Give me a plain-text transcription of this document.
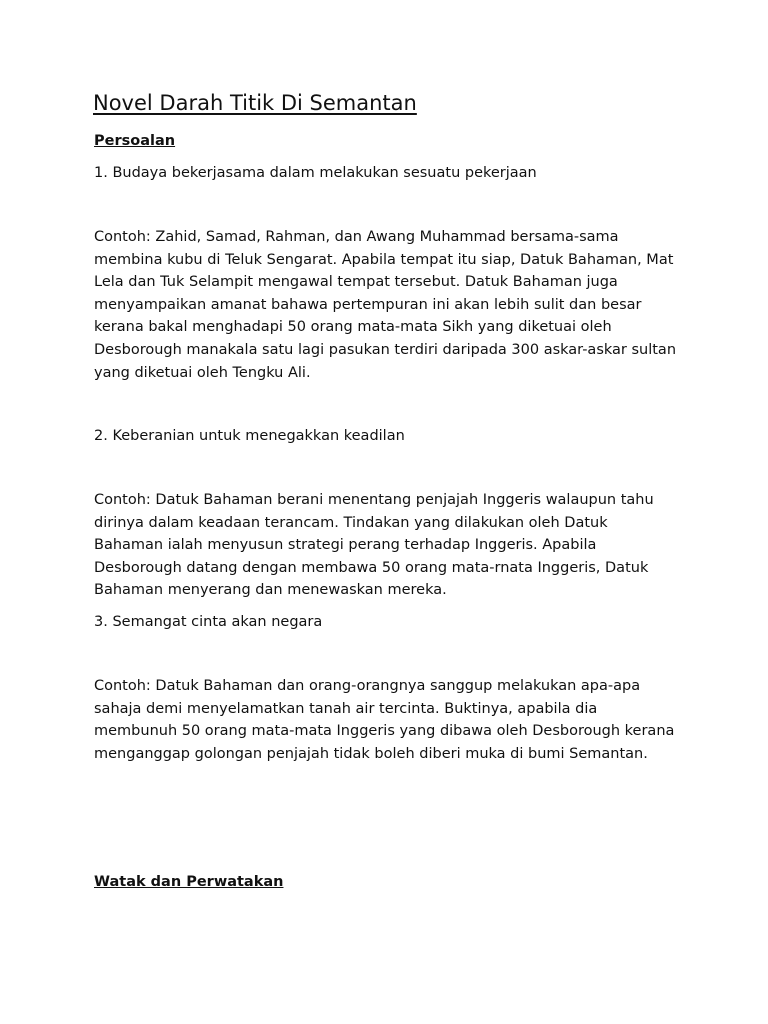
Novel Darah Titik Di Semantan
Persoalan

1. Budaya bekerjasama dalam melakukan sesuatu pekerjaan

Contoh: Zahid, Samad, Rahman, dan Awang Muhammad bersama-sama
membina kubu di Teluk Sengarat. Apabila tempat itu siap, Datuk Bahaman, Mat
Lela dan Tuk Selampit mengawal tempat tersebut. Datuk Bahaman juga
menyampaikan amanat bahawa pertempuran ini akan lebih sulit dan besar
kerana bakal menghadapi 50 orang mata-mata Sikh yang diketuai oleh
Desborough manakala satu lagi pasukan terdiri daripada 300 askar-askar sultan
yang diketuai oleh Tengku Ali.

2. Keberanian untuk menegakkan keadilan

Contoh: Datuk Bahaman berani menentang penjajah Inggeris walaupun tahu
dirinya dalam keadaan terancam. Tindakan yang dilakukan oleh Datuk
Bahaman ialah menyusun strategi perang terhadap Inggeris. Apabila
Desborough datang dengan membawa 50 orang mata-rnata Inggeris, Datuk
Bahaman menyerang dan menewaskan mereka.

3. Semangat cinta akan negara

Contoh: Datuk Bahaman dan orang-orangnya sanggup melakukan apa-apa
sahaja demi menyelamatkan tanah air tercinta. Buktinya, apabila dia
membunuh 50 orang mata-mata Inggeris yang dibawa oleh Desborough kerana
menganggap golongan penjajah tidak boleh diberi muka di bumi Semantan.

Watak dan Perwatakan
